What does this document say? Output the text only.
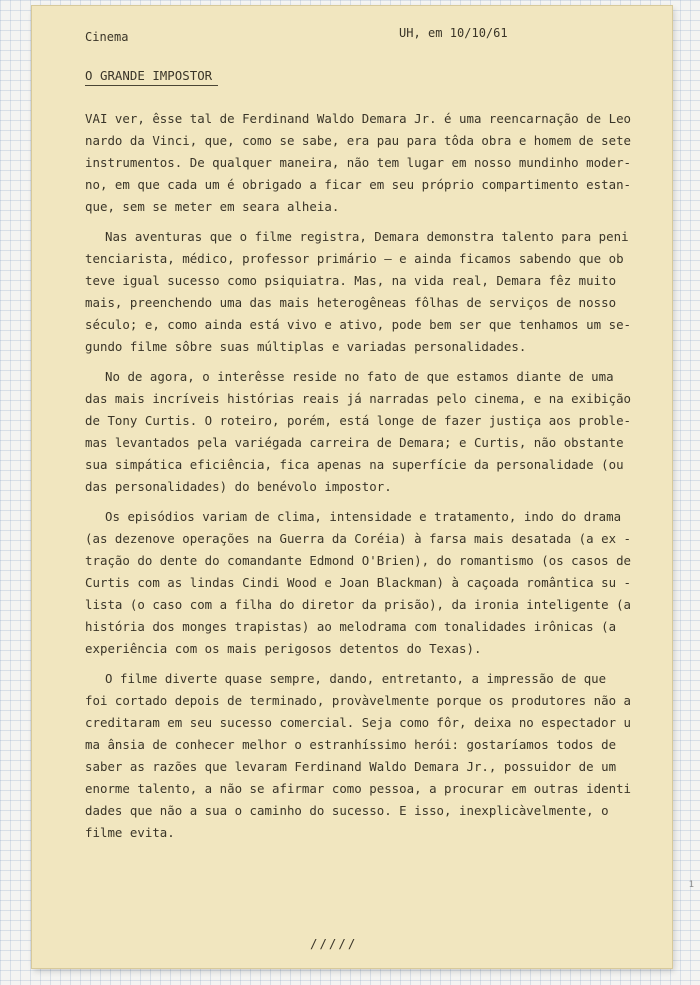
Cinema	UH, em 10/10/61
O GRANDE IMPOSTOR
VAI ver, êsse tal de Ferdinand Waldo Demara Jr. é uma reencarnação de Leo
nardo da Vinci, que, como se sabe, era pau para tôda obra e homem de sete
instrumentos. De qualquer maneira, não tem lugar em nosso mundinho moder-
no, em que cada um é obrigado a ficar em seu próprio compartimento estan-
que, sem se meter em seara alheia.
Nas aventuras que o filme registra, Demara demonstra talento para peni
tenciarista, médico, professor primário — e ainda ficamos sabendo que ob
teve igual sucesso como psiquiatra. Mas, na vida real, Demara fêz muito
mais, preenchendo uma das mais heterogêneas fôlhas de serviços de nosso
século; e, como ainda está vivo e ativo, pode bem ser que tenhamos um se-
gundo filme sôbre suas múltiplas e variadas personalidades.
No de agora, o interêsse reside no fato de que estamos diante de uma
das mais incríveis histórias reais já narradas pelo cinema, e na exibição
de Tony Curtis. O roteiro, porém, está longe de fazer justiça aos proble-
mas levantados pela variégada carreira de Demara; e Curtis, não obstante
sua simpática eficiência, fica apenas na superfície da personalidade (ou
das personalidades) do benévolo impostor.
Os episódios variam de clima, intensidade e tratamento, indo do drama
(as dezenove operações na Guerra da Coréia) à farsa mais desatada (a ex -
tração do dente do comandante Edmond O'Brien), do romantismo (os casos de
Curtis com as lindas Cindi Wood e Joan Blackman) à caçoada romântica su -
lista (o caso com a filha do diretor da prisão), da ironia inteligente (a
história dos monges trapistas) ao melodrama com tonalidades irônicas (a
experiência com os mais perigosos detentos do Texas).
O filme diverte quase sempre, dando, entretanto, a impressão de que
foi cortado depois de terminado, provàvelmente porque os produtores não a
creditaram em seu sucesso comercial. Seja como fôr, deixa no espectador u
ma ânsia de conhecer melhor o estranhíssimo herói: gostaríamos todos de
saber as razões que levaram Ferdinand Waldo Demara Jr., possuidor de um
enorme talento, a não se afirmar como pessoa, a procurar em outras identi
dades que não a sua o caminho do sucesso. E isso, inexplicàvelmente, o
filme evita.
/////
1
